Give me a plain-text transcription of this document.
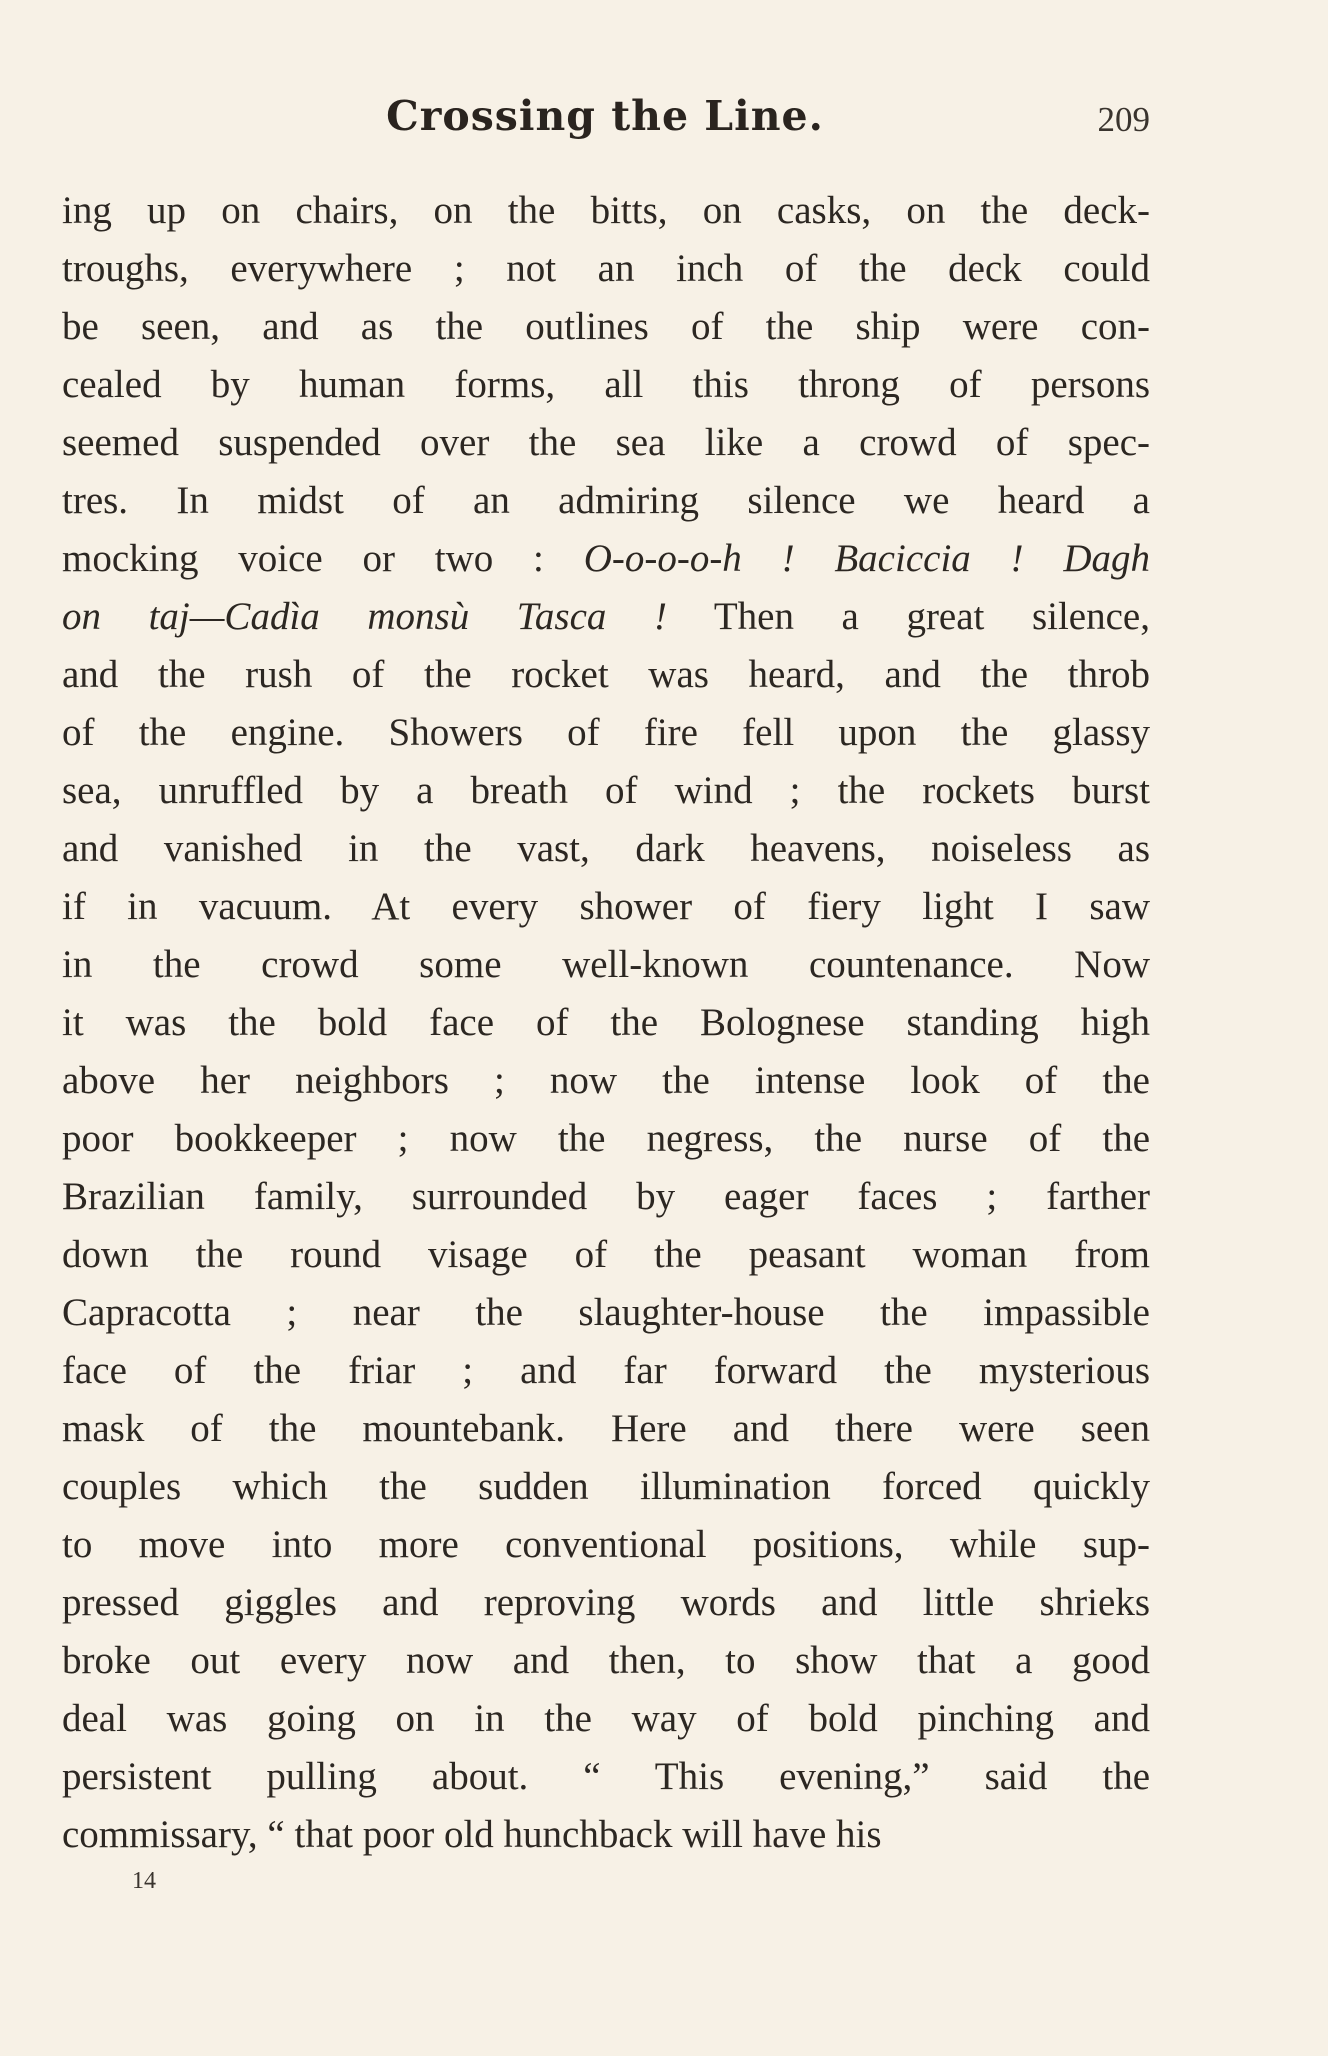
Crossing the Line.	209
ing up on chairs, on the bitts, on casks, on the deck-
troughs, everywhere ; not an inch of the deck could
be seen, and as the outlines of the ship were con-
cealed by human forms, all this throng of persons
seemed suspended over the sea like a crowd of spec-
tres. In midst of an admiring silence we heard a
mocking voice or two : O-o-o-o-h ! Baciccia ! Dagh
on taj—Cadìa monsù Tasca ! Then a great silence,
and the rush of the rocket was heard, and the throb
of the engine. Showers of fire fell upon the glassy
sea, unruffled by a breath of wind ; the rockets burst
and vanished in the vast, dark heavens, noiseless as
if in vacuum. At every shower of fiery light I saw
in the crowd some well-known countenance. Now
it was the bold face of the Bolognese standing high
above her neighbors ; now the intense look of the
poor bookkeeper ; now the negress, the nurse of the
Brazilian family, surrounded by eager faces ; farther
down the round visage of the peasant woman from
Capracotta ; near the slaughter-house the impassible
face of the friar ; and far forward the mysterious
mask of the mountebank. Here and there were seen
couples which the sudden illumination forced quickly
to move into more conventional positions, while sup-
pressed giggles and reproving words and little shrieks
broke out every now and then, to show that a good
deal was going on in the way of bold pinching and
persistent pulling about. “ This evening,” said the
commissary, “ that poor old hunchback will have his
14
